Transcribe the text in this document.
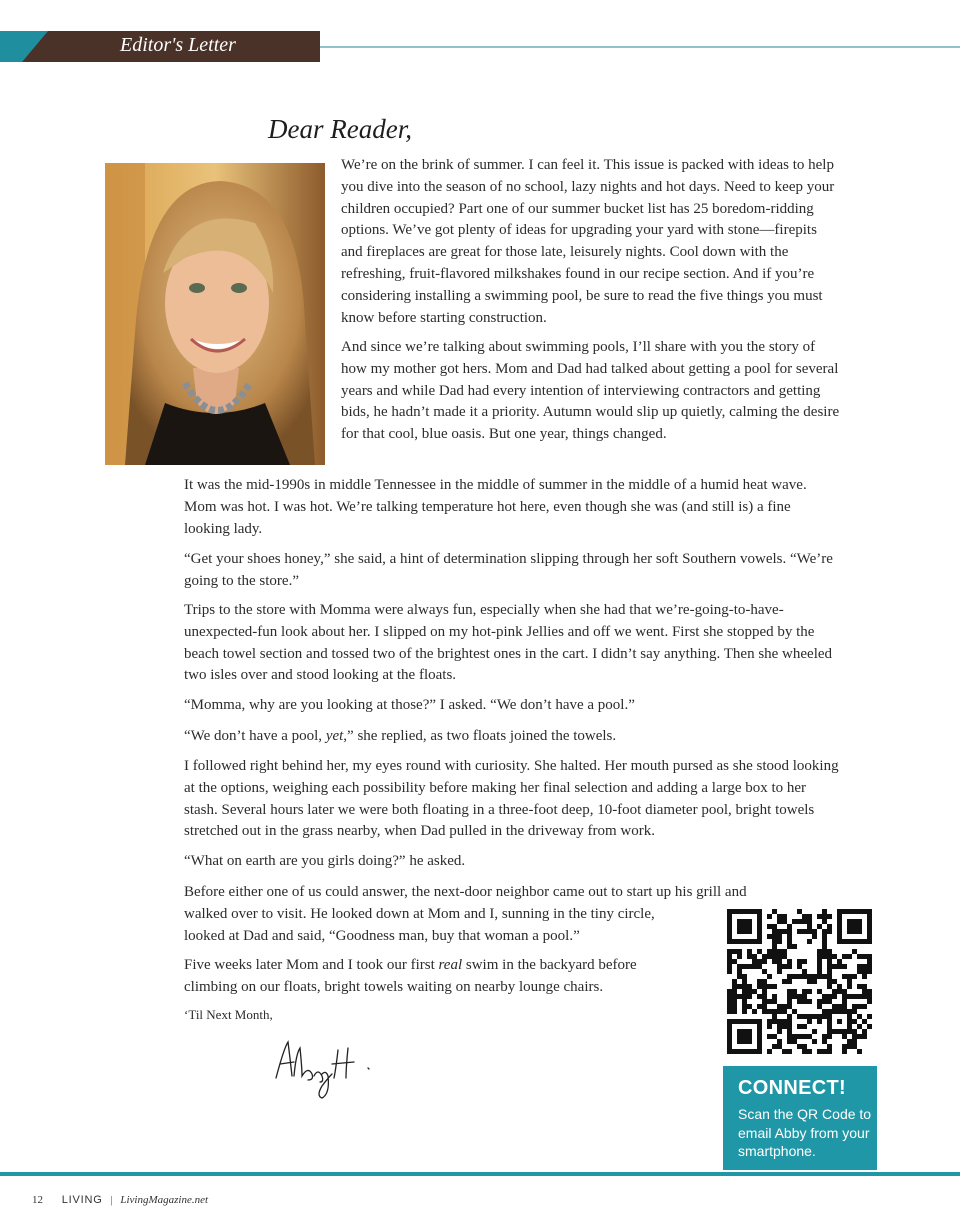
Editor's Letter
Dear Reader,

We’re on the brink of summer. I can feel it. This issue is packed with ideas to help you dive into the season of no school, lazy nights and hot days. Need to keep your children occupied? Part one of our summer bucket list has 25 boredom-ridding options. We’ve got plenty of ideas for upgrading your yard with stone—firepits and fireplaces are great for those late, leisurely nights. Cool down with the refreshing, fruit-flavored milkshakes found in our recipe section. And if you’re considering installing a swimming pool, be sure to read the five things you must know before starting construction.

And since we’re talking about swimming pools, I’ll share with you the story of how my mother got hers. Mom and Dad had talked about getting a pool for several years and while Dad had every intention of interviewing contractors and getting bids, he hadn’t made it a priority. Autumn would slip up quietly, calming the desire for that cool, blue oasis. But one year, things changed.

It was the mid-1990s in middle Tennessee in the middle of summer in the middle of a humid heat wave. Mom was hot. I was hot. We’re talking temperature hot here, even though she was (and still is) a fine looking lady.

“Get your shoes honey,” she said, a hint of determination slipping through her soft Southern vowels. “We’re going to the store.”

Trips to the store with Momma were always fun, especially when she had that we’re-going-to-have-unexpected-fun look about her. I slipped on my hot-pink Jellies and off we went. First she stopped by the beach towel section and tossed two of the brightest ones in the cart. I didn’t say anything. Then she wheeled two isles over and stood looking at the floats.

“Momma, why are you looking at those?” I asked. “We don’t have a pool.”

“We don’t have a pool, yet,” she replied, as two floats joined the towels.

I followed right behind her, my eyes round with curiosity. She halted. Her mouth pursed as she stood looking at the options, weighing each possibility before making her final selection and adding a large box to her stash. Several hours later we were both floating in a three-foot deep, 10-foot diameter pool, bright towels stretched out in the grass nearby, when Dad pulled in the driveway from work.

“What on earth are you girls doing?” he asked.

Before either one of us could answer, the next-door neighbor came out to start up his grill and
walked over to visit. He looked down at Mom and I, sunning in the tiny circle,
looked at Dad and said, “Goodness man, buy that woman a pool.”

Five weeks later Mom and I took our first real swim in the backyard before climbing on our floats, bright towels waiting on nearby lounge chairs.

‘Til Next Month,

CONNECT!
Scan the QR Code to email Abby from your smartphone.
12 LIVING | LivingMagazine.net
